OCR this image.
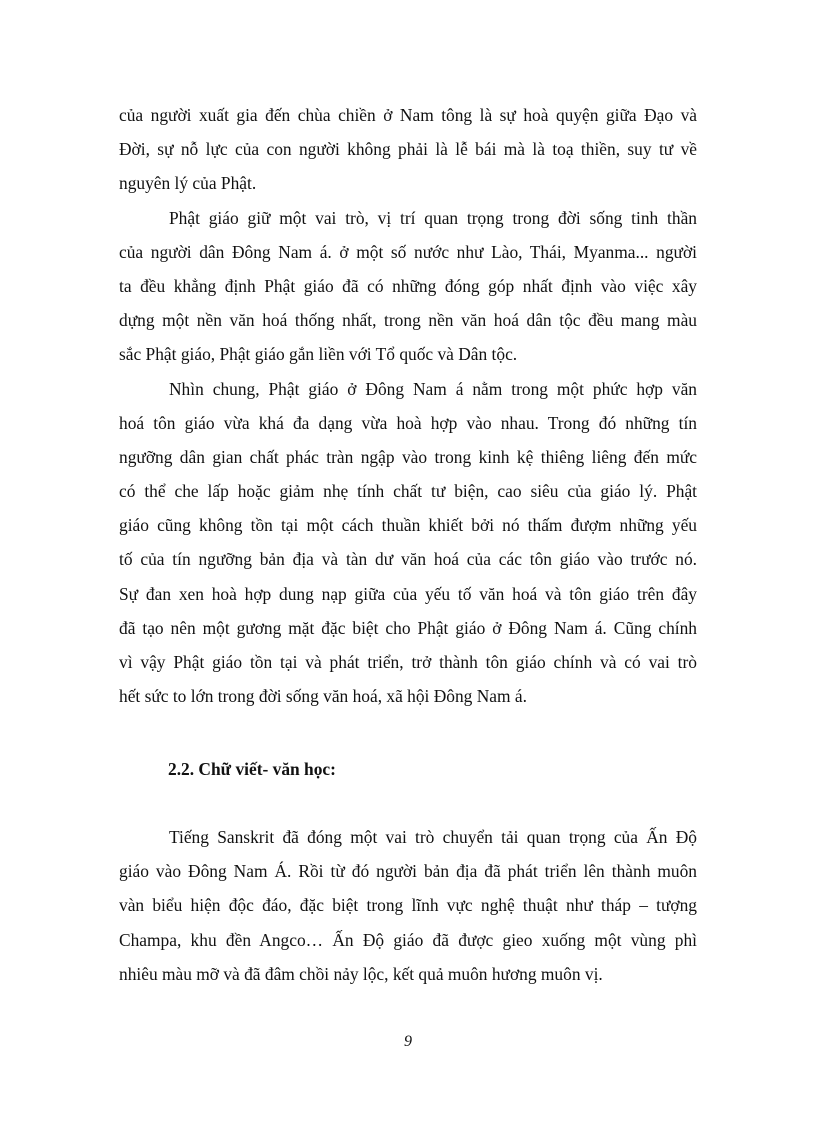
của người xuất gia đến chùa chiền ở Nam tông là sự hoà quyện giữa Đạo và
Đời, sự nỗ lực của con người không phải là lễ bái mà là toạ thiền, suy tư về
nguyên lý của Phật.
Phật giáo giữ một vai trò, vị trí quan trọng trong đời sống tinh thần
của người dân Đông Nam á. ở một số nước như Lào, Thái, Myanma... người
ta đều khẳng định Phật giáo đã có những đóng góp nhất định vào việc xây
dựng một nền văn hoá thống nhất, trong nền văn hoá dân tộc đều mang màu
sắc Phật giáo, Phật giáo gắn liền với Tổ quốc và Dân tộc.
Nhìn chung, Phật giáo ở Đông Nam á nằm trong một phức hợp văn
hoá tôn giáo vừa khá đa dạng vừa hoà hợp vào nhau. Trong đó những tín
ngưỡng dân gian chất phác tràn ngập vào trong kinh kệ thiêng liêng đến mức
có thể che lấp hoặc giảm nhẹ tính chất tư biện, cao siêu của giáo lý. Phật
giáo cũng không tồn tại một cách thuần khiết bởi nó thấm đượm những yếu
tố của tín ngưỡng bản địa và tàn dư văn hoá của các tôn giáo vào trước nó.
Sự đan xen hoà hợp dung nạp giữa của yếu tố văn hoá và tôn giáo trên đây
đã tạo nên một gương mặt đặc biệt cho Phật giáo ở Đông Nam á. Cũng chính
vì vậy Phật giáo tồn tại và phát triển, trở thành tôn giáo chính và có vai trò
hết sức to lớn trong đời sống văn hoá, xã hội Đông Nam á.
2.2. Chữ viết- văn học:
Tiếng Sanskrit đã đóng một vai trò chuyển tải quan trọng của Ấn Độ
giáo vào Đông Nam Á. Rồi từ đó người bản địa đã phát triển lên thành muôn
vàn biểu hiện độc đáo, đặc biệt trong lĩnh vực nghệ thuật như tháp – tượng
Champa, khu đền Angco… Ấn Độ giáo đã được gieo xuống một vùng phì
nhiêu màu mỡ và đã đâm chồi nảy lộc, kết quả muôn hương muôn vị.
9
